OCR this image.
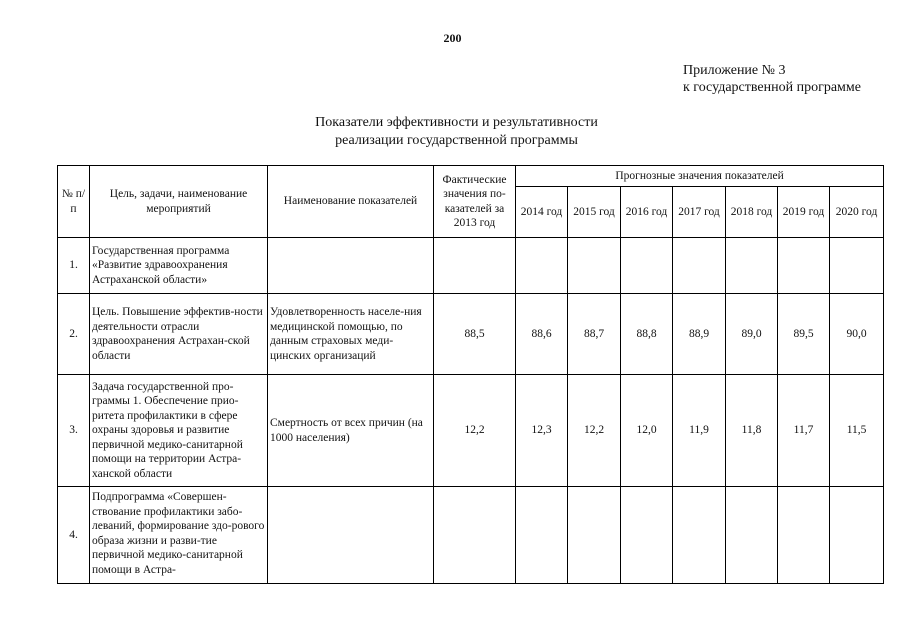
200
Приложение № 3
к государственной программе
Показатели эффективности и результативности
реализации государственной программы
№ п/п	Цель, задачи, наименование мероприятий	Наименование показателей	Фактические значения по-казателей за 2013 год	Прогнозные значения показателей						
				2014 год	2015 год	2016 год	2017 год	2018 год	2019 год	2020 год
1.	Государственная программа «Развитие здравоохранения Астраханской области»									
2.	Цель. Повышение эффектив-ности деятельности отрасли здравоохранения Астрахан-ской области	Удовлетворенность населе-ния медицинской помощью, по данным страховых меди-цинских организаций	88,5	88,6	88,7	88,8	88,9	89,0	89,5	90,0
3.	Задача государственной про-граммы 1. Обеспечение прио-ритета профилактики в сфере охраны здоровья и развитие первичной медико-санитарной помощи на территории Астра-ханской области	Смертность от всех причин (на 1000 населения)	12,2	12,3	12,2	12,0	11,9	11,8	11,7	11,5
4.	Подпрограмма «Совершен-ствование профилактики забо-леваний, формирование здо-рового образа жизни и разви-тие первичной медико-санитарной помощи в Астра-									
